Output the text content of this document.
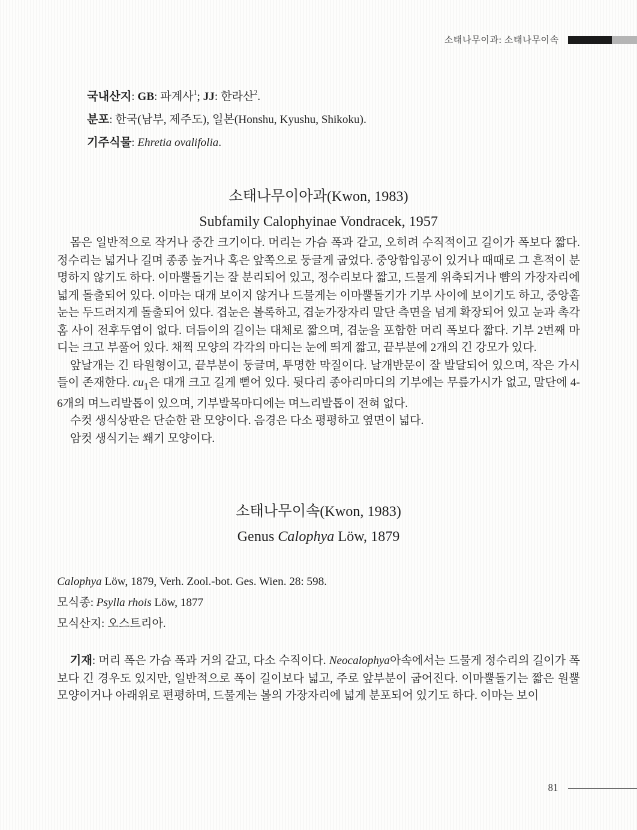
소태나무이과: 소태나무이속

국내산지: GB: 파계사$^1$; JJ: 한라산$^2$.

분포: 한국(남부, 제주도), 일본(Honshu, Kyushu, Shikoku).

기주식물: Ehretia ovalifolia.

소태나무이아과(Kwon, 1983)

Subfamily Calophyinae Vondracek, 1957

몸은 일반적으로 작거나 중간 크기이다. 머리는 가슴 폭과 같고, 오히려 수직적이고 길이가 폭보다 짧다. 정수리는 넓거나 길며 종종 높거나 혹은 앞쪽으로 둥글게 굽었다. 중앙함입공이 있거나 때때로 그 흔적이 분명하지 않기도 하다. 이마뿔돌기는 잘 분리되어 있고, 정수리보다 짧고, 드물게 위축되거나 뺨의 가장자리에 넓게 돌출되어 있다. 이마는 대개 보이지 않거나 드물게는 이마뿔돌기가 기부 사이에 보이기도 하고, 중앙홑눈는 두드러지게 돌출되어 있다. 겹눈은 볼록하고, 겹눈가장자리 말단 측면을 넘게 확장되어 있고 눈과 촉각 홈 사이 전후두엽이 없다. 더듬이의 길이는 대체로 짧으며, 겹눈을 포함한 머리 폭보다 짧다. 기부 2번째 마디는 크고 부풀어 있다. 채찍 모양의 각각의 마디는 눈에 띄게 짧고, 끝부분에 2개의 긴 강모가 있다.

앞날개는 긴 타원형이고, 끝부분이 둥글며, 투명한 막질이다. 날개반문이 잘 발달되어 있으며, 작은 가시들이 존재한다. $cu_1$은 대개 크고 길게 뻗어 있다. 뒷다리 종아리마디의 기부에는 무릎가시가 없고, 말단에 4-6개의 며느리발톱이 있으며, 기부발목마디에는 며느리발톱이 전혀 없다.

수컷 생식상판은 단순한 관 모양이다. 음경은 다소 평평하고 옆면이 넓다.

암컷 생식기는 쐐기 모양이다.

소태나무이속(Kwon, 1983)

Genus Calophya Löw, 1879

Calophya Löw, 1879, Verh. Zool.-bot. Ges. Wien. 28: 598.

모식종: Psylla rhois Löw, 1877

모식산지: 오스트리아.

기재: 머리 폭은 가슴 폭과 거의 같고, 다소 수직이다. Neocalophya아속에서는 드물게 정수리의 길이가 폭보다 긴 경우도 있지만, 일반적으로 폭이 길이보다 넓고, 주로 앞부분이 굽어진다. 이마뿔돌기는 짧은 원뿔 모양이거나 아래위로 편평하며, 드물게는 볼의 가장자리에 넓게 분포되어 있기도 하다. 이마는 보이

81
